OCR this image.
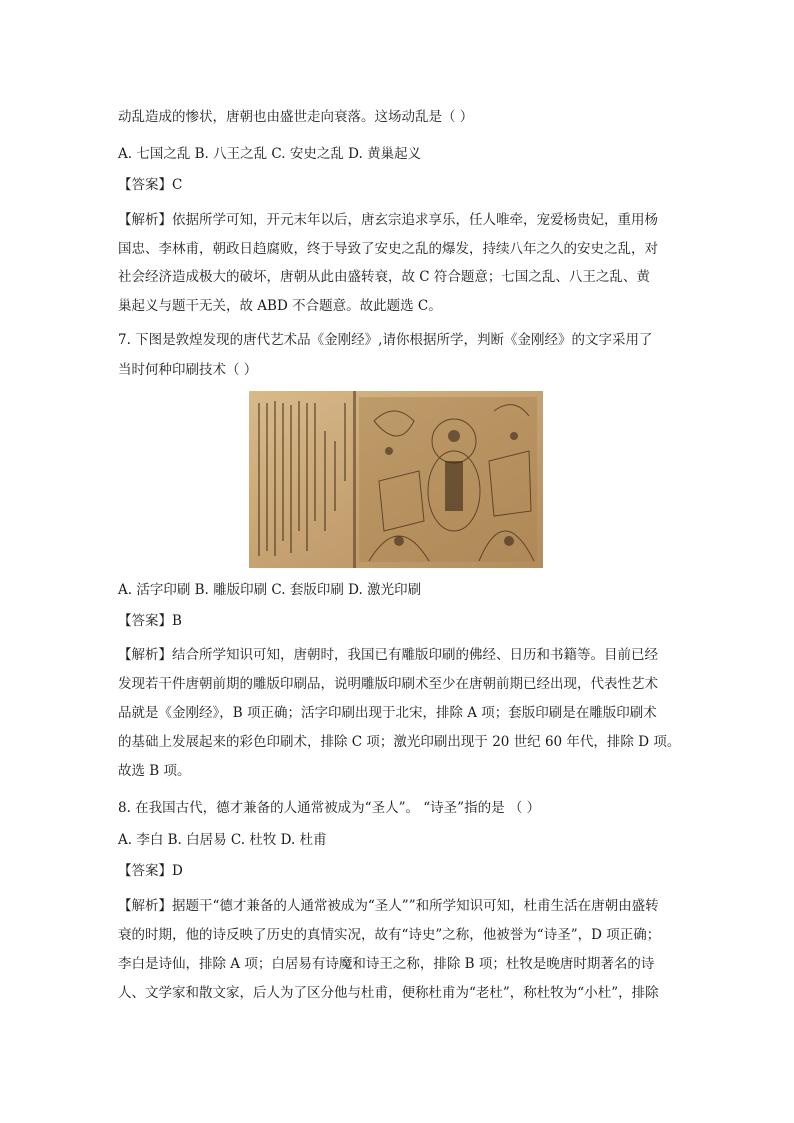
动乱造成的惨状，唐朝也由盛世走向衰落。这场动乱是（ ）
A. 七国之乱 B. 八王之乱 C. 安史之乱 D. 黄巢起义
【答案】C
【解析】依据所学可知，开元末年以后，唐玄宗追求享乐，任人唯牵，宠爱杨贵妃，重用杨
国忠、李林甫，朝政日趋腐败，终于导致了安史之乱的爆发，持续八年之久的安史之乱，对
社会经济造成极大的破坏，唐朝从此由盛转衰，故 C 符合题意；七国之乱、八王之乱、黄
巢起义与题干无关，故 ABD 不合题意。故此题选 C。
7. 下图是敦煌发现的唐代艺术品《金刚经》,请你根据所学，判断《金刚经》的文字采用了
当时何种印刷技术（ ）
A. 活字印刷 B. 雕版印刷 C. 套版印刷 D. 激光印刷
【答案】B
【解析】结合所学知识可知，唐朝时，我国已有雕版印刷的佛经、日历和书籍等。目前已经
发现若干件唐朝前期的雕版印刷品，说明雕版印刷术至少在唐朝前期已经出现，代表性艺术
品就是《金刚经》，B 项正确；活字印刷出现于北宋，排除 A 项；套版印刷是在雕版印刷术
的基础上发展起来的彩色印刷术，排除 C 项；激光印刷出现于 20 世纪 60 年代，排除 D 项。
故选 B 项。
8. 在我国古代，德才兼备的人通常被成为“圣人”。 “诗圣”指的是 （ ）
A. 李白 B. 白居易 C. 杜牧 D. 杜甫
【答案】D
【解析】据题干“德才兼备的人通常被成为“圣人””和所学知识可知，杜甫生活在唐朝由盛转
衰的时期，他的诗反映了历史的真情实况，故有“诗史”之称，他被誉为“诗圣”，D 项正确；
李白是诗仙，排除 A 项；白居易有诗魔和诗王之称，排除 B 项；杜牧是晚唐时期著名的诗
人、文学家和散文家，后人为了区分他与杜甫，便称杜甫为“老杜”，称杜牧为“小杜”，排除
